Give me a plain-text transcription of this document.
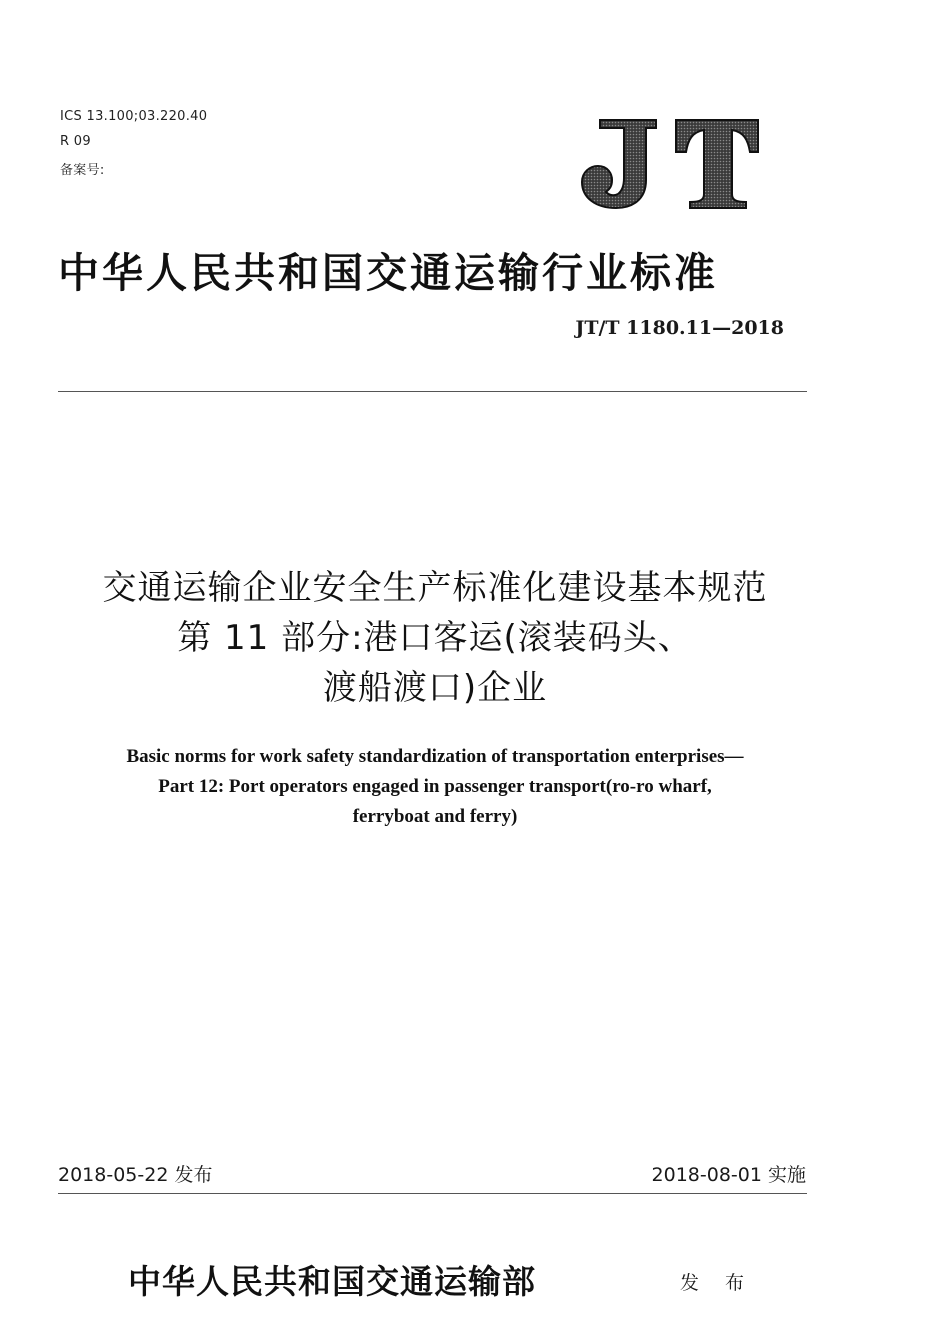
ICS 13.100;03.220.40
R 09
备案号:
中华人民共和国交通运输行业标准
JT/T 1180.11—2018
交通运输企业安全生产标准化建设基本规范
第 11 部分:港口客运(滚装码头、
渡船渡口)企业
Basic norms for work safety standardization of transportation enterprises—
Part 12: Port operators engaged in passenger transport(ro-ro wharf,
ferryboat and ferry)
2018-05-22 发布	2018-08-01 实施
中华人民共和国交通运输部	发 布
